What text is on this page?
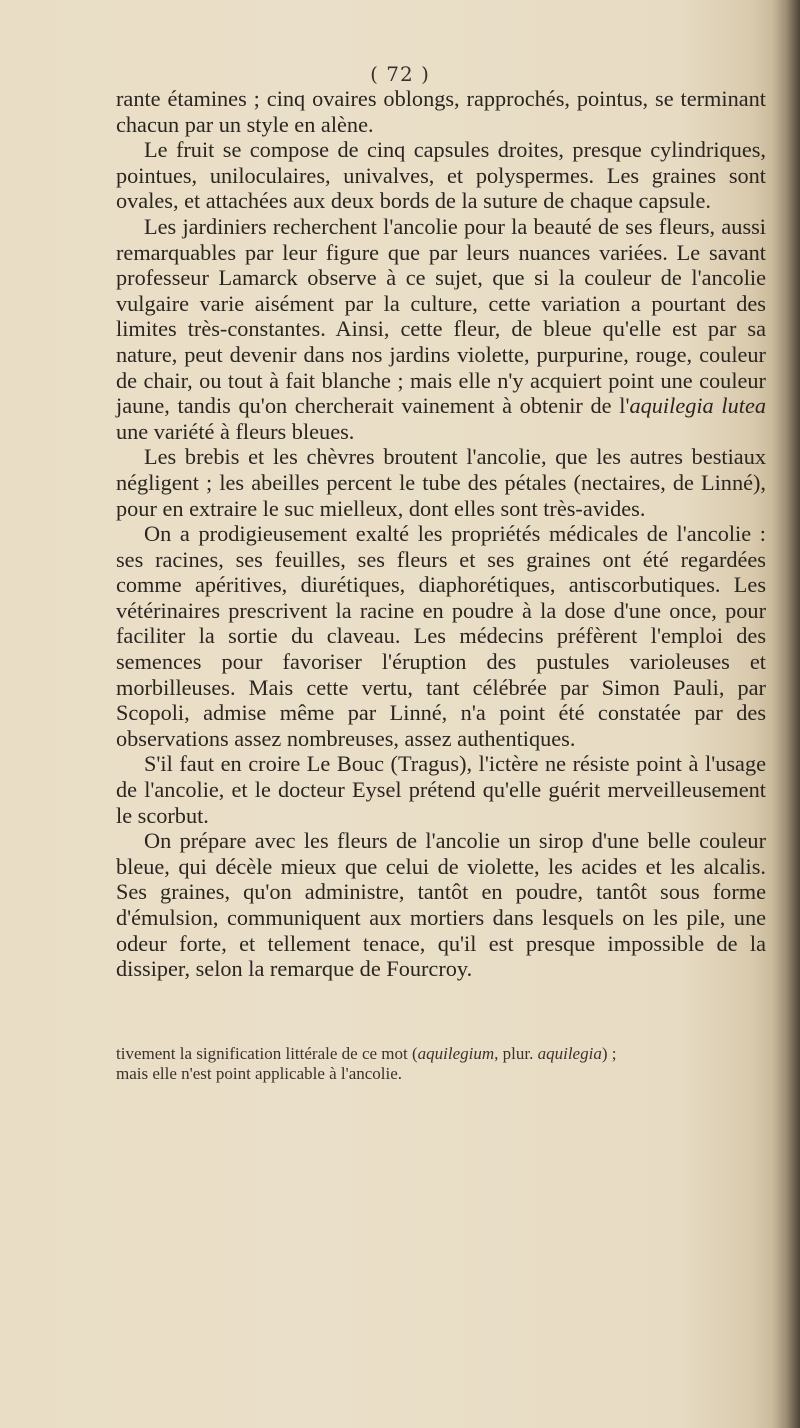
( 72 )

rante étamines ; cinq ovaires oblongs, rapprochés, pointus, se terminant chacun par un style en alène.

Le fruit se compose de cinq capsules droites, presque cylindriques, pointues, uniloculaires, univalves, et polyspermes. Les graines sont ovales, et attachées aux deux bords de la suture de chaque capsule.

Les jardiniers recherchent l'ancolie pour la beauté de ses fleurs, aussi remarquables par leur figure que par leurs nuances variées. Le savant professeur Lamarck observe à ce sujet, que si la couleur de l'ancolie vulgaire varie aisément par la culture, cette variation a pourtant des limites très-constantes. Ainsi, cette fleur, de bleue qu'elle est par sa nature, peut devenir dans nos jardins violette, purpurine, rouge, couleur de chair, ou tout à fait blanche ; mais elle n'y acquiert point une couleur jaune, tandis qu'on chercherait vainement à obtenir de l'aquilegia lutea une variété à fleurs bleues.

Les brebis et les chèvres broutent l'ancolie, que les autres bestiaux négligent ; les abeilles percent le tube des pétales (nectaires, de Linné), pour en extraire le suc mielleux, dont elles sont très-avides.

On a prodigieusement exalté les propriétés médicales de l'ancolie : ses racines, ses feuilles, ses fleurs et ses graines ont été regardées comme apéritives, diurétiques, diaphorétiques, antiscorbutiques. Les vétérinaires prescrivent la racine en poudre à la dose d'une once, pour faciliter la sortie du claveau. Les médecins préfèrent l'emploi des semences pour favoriser l'éruption des pustules varioleuses et morbilleuses. Mais cette vertu, tant célébrée par Simon Pauli, par Scopoli, admise même par Linné, n'a point été constatée par des observations assez nombreuses, assez authentiques.

S'il faut en croire Le Bouc (Tragus), l'ictère ne résiste point à l'usage de l'ancolie, et le docteur Eysel prétend qu'elle guérit merveilleusement le scorbut.

On prépare avec les fleurs de l'ancolie un sirop d'une belle couleur bleue, qui décèle mieux que celui de violette, les acides et les alcalis. Ses graines, qu'on administre, tantôt en poudre, tantôt sous forme d'émulsion, communiquent aux mortiers dans lesquels on les pile, une odeur forte, et tellement tenace, qu'il est presque impossible de la dissiper, selon la remarque de Fourcroy.

tivement la signification littérale de ce mot (aquilegium, plur. aquilegia) ;

mais elle n'est point applicable à l'ancolie.
